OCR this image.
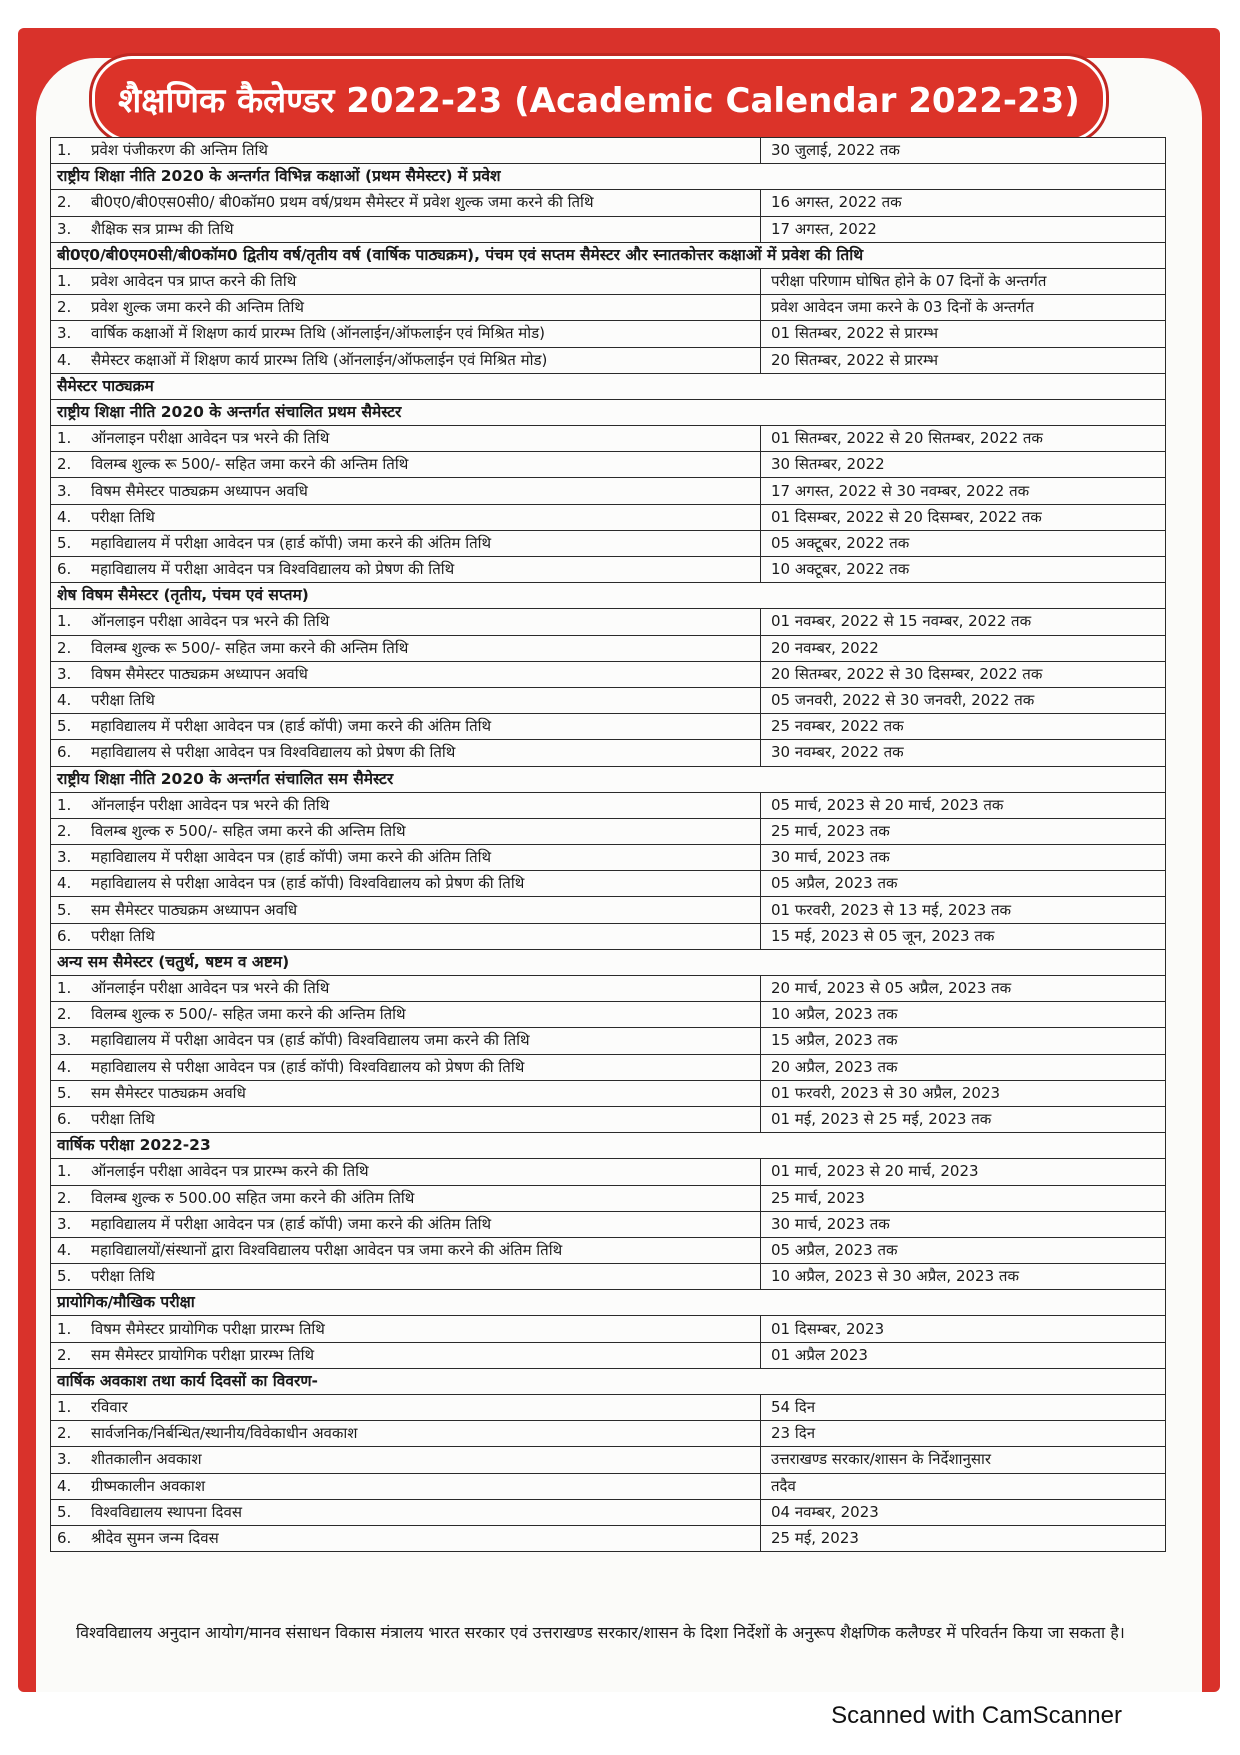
शैक्षणिक कैलेण्डर 2022-23 (Academic Calendar 2022-23)
1. प्रवेश पंजीकरण की अन्तिम तिथि	30 जुलाई, 2022 तक
राष्ट्रीय शिक्षा नीति 2020 के अन्तर्गत विभिन्न कक्षाओं (प्रथम सैमेस्टर) में प्रवेश	
2. बी0ए0/बी0एस0सी0/ बी0कॉम0 प्रथम वर्ष/प्रथम सैमेस्टर में प्रवेश शुल्क जमा करने की तिथि	16 अगस्त, 2022 तक
3. शैक्षिक सत्र प्राम्भ की तिथि	17 अगस्त, 2022
बी0ए0/बी0एम0सी/बी0कॉम0 द्वितीय वर्ष/तृतीय वर्ष (वार्षिक पाठ्यक्रम), पंचम एवं सप्तम सैमेस्टर और स्नातकोत्तर कक्षाओं में प्रवेश की तिथि	
1. प्रवेश आवेदन पत्र प्राप्त करने की तिथि	परीक्षा परिणाम घोषित होने के 07 दिनों के अन्तर्गत
2. प्रवेश शुल्क जमा करने की अन्तिम तिथि	प्रवेश आवेदन जमा करने के 03 दिनों के अन्तर्गत
3. वार्षिक कक्षाओं में शिक्षण कार्य प्रारम्भ तिथि (ऑनलाईन/ऑफलाईन एवं मिश्रित मोड)	01 सितम्बर, 2022 से प्रारम्भ
4. सैमेस्टर कक्षाओं में शिक्षण कार्य प्रारम्भ तिथि (ऑनलाईन/ऑफलाईन एवं मिश्रित मोड)	20 सितम्बर, 2022 से प्रारम्भ
सैमेस्टर पाठ्यक्रम	
राष्ट्रीय शिक्षा नीति 2020 के अन्तर्गत संचालित प्रथम सैमेस्टर	
1. ऑनलाइन परीक्षा आवेदन पत्र भरने की तिथि	01 सितम्बर, 2022 से 20 सितम्बर, 2022 तक
2. विलम्ब शुल्क रू 500/- सहित जमा करने की अन्तिम तिथि	30 सितम्बर, 2022
3. विषम सैमेस्टर पाठ्यक्रम अध्यापन अवधि	17 अगस्त, 2022 से 30 नवम्बर, 2022 तक
4. परीक्षा तिथि	01 दिसम्बर, 2022 से 20 दिसम्बर, 2022 तक
5. महाविद्यालय में परीक्षा आवेदन पत्र (हार्ड कॉपी) जमा करने की अंतिम तिथि	05 अक्टूबर, 2022 तक
6. महाविद्यालय में परीक्षा आवेदन पत्र विश्वविद्यालय को प्रेषण की तिथि	10 अक्टूबर, 2022 तक
शेष विषम सैमेस्टर (तृतीय, पंचम एवं सप्तम)	
1. ऑनलाइन परीक्षा आवेदन पत्र भरने की तिथि	01 नवम्बर, 2022 से 15 नवम्बर, 2022 तक
2. विलम्ब शुल्क रू 500/- सहित जमा करने की अन्तिम तिथि	20 नवम्बर, 2022
3. विषम सैमेस्टर पाठ्यक्रम अध्यापन अवधि	20 सितम्बर, 2022 से 30 दिसम्बर, 2022 तक
4. परीक्षा तिथि	05 जनवरी, 2022 से 30 जनवरी, 2022 तक
5. महाविद्यालय में परीक्षा आवेदन पत्र (हार्ड कॉपी) जमा करने की अंतिम तिथि	25 नवम्बर, 2022 तक
6. महाविद्यालय से परीक्षा आवेदन पत्र विश्वविद्यालय को प्रेषण की तिथि	30 नवम्बर, 2022 तक
राष्ट्रीय शिक्षा नीति 2020 के अन्तर्गत संचालित सम सैमेस्टर	
1. ऑनलाईन परीक्षा आवेदन पत्र भरने की तिथि	05 मार्च, 2023 से 20 मार्च, 2023 तक
2. विलम्ब शुल्क रु 500/- सहित जमा करने की अन्तिम तिथि	25 मार्च, 2023 तक
3. महाविद्यालय में परीक्षा आवेदन पत्र (हार्ड कॉपी) जमा करने की अंतिम तिथि	30 मार्च, 2023 तक
4. महाविद्यालय से परीक्षा आवेदन पत्र (हार्ड कॉपी) विश्वविद्यालय को प्रेषण की तिथि	05 अप्रैल, 2023 तक
5. सम सैमेस्टर पाठ्यक्रम अध्यापन अवधि	01 फरवरी, 2023 से 13 मई, 2023 तक
6. परीक्षा तिथि	15 मई, 2023 से 05 जून, 2023 तक
अन्य सम सैमेस्टर (चतुर्थ, षष्टम व अष्टम)	
1. ऑनलाईन परीक्षा आवेदन पत्र भरने की तिथि	20 मार्च, 2023 से 05 अप्रैल, 2023 तक
2. विलम्ब शुल्क रु 500/- सहित जमा करने की अन्तिम तिथि	10 अप्रैल, 2023 तक
3. महाविद्यालय में परीक्षा आवेदन पत्र (हार्ड कॉपी) विश्वविद्यालय जमा करने की तिथि	15 अप्रैल, 2023 तक
4. महाविद्यालय से परीक्षा आवेदन पत्र (हार्ड कॉपी) विश्वविद्यालय को प्रेषण की तिथि	20 अप्रैल, 2023 तक
5. सम सैमेस्टर पाठ्यक्रम अवधि	01 फरवरी, 2023 से 30 अप्रैल, 2023
6. परीक्षा तिथि	01 मई, 2023 से 25 मई, 2023 तक
वार्षिक परीक्षा 2022-23	
1. ऑनलाईन परीक्षा आवेदन पत्र प्रारम्भ करने की तिथि	01 मार्च, 2023 से 20 मार्च, 2023
2. विलम्ब शुल्क रु 500.00 सहित जमा करने की अंतिम तिथि	25 मार्च, 2023
3. महाविद्यालय में परीक्षा आवेदन पत्र (हार्ड कॉपी) जमा करने की अंतिम तिथि	30 मार्च, 2023 तक
4. महाविद्यालयों/संस्थानों द्वारा विश्वविद्यालय परीक्षा आवेदन पत्र जमा करने की अंतिम तिथि	05 अप्रैल, 2023 तक
5. परीक्षा तिथि	10 अप्रैल, 2023 से 30 अप्रैल, 2023 तक
प्रायोगिक/मौखिक परीक्षा	
1. विषम सैमेस्टर प्रायोगिक परीक्षा प्रारम्भ तिथि	01 दिसम्बर, 2023
2. सम सैमेस्टर प्रायोगिक परीक्षा प्रारम्भ तिथि	01 अप्रैल 2023
वार्षिक अवकाश तथा कार्य दिवसों का विवरण-	
1. रविवार	54 दिन
2. सार्वजनिक/निर्बन्धित/स्थानीय/विवेकाधीन अवकाश	23 दिन
3. शीतकालीन अवकाश	उत्तराखण्ड सरकार/शासन के निर्देशानुसार
4. ग्रीष्मकालीन अवकाश	तदैव
5. विश्वविद्यालय स्थापना दिवस	04 नवम्बर, 2023
6. श्रीदेव सुमन जन्म दिवस	25 मई, 2023
विश्वविद्यालय अनुदान आयोग/मानव संसाधन विकास मंत्रालय भारत सरकार एवं उत्तराखण्ड सरकार/शासन के दिशा निर्देशों के अनुरूप शैक्षणिक कलैण्डर में परिवर्तन किया जा सकता है।
Scanned with CamScanner
